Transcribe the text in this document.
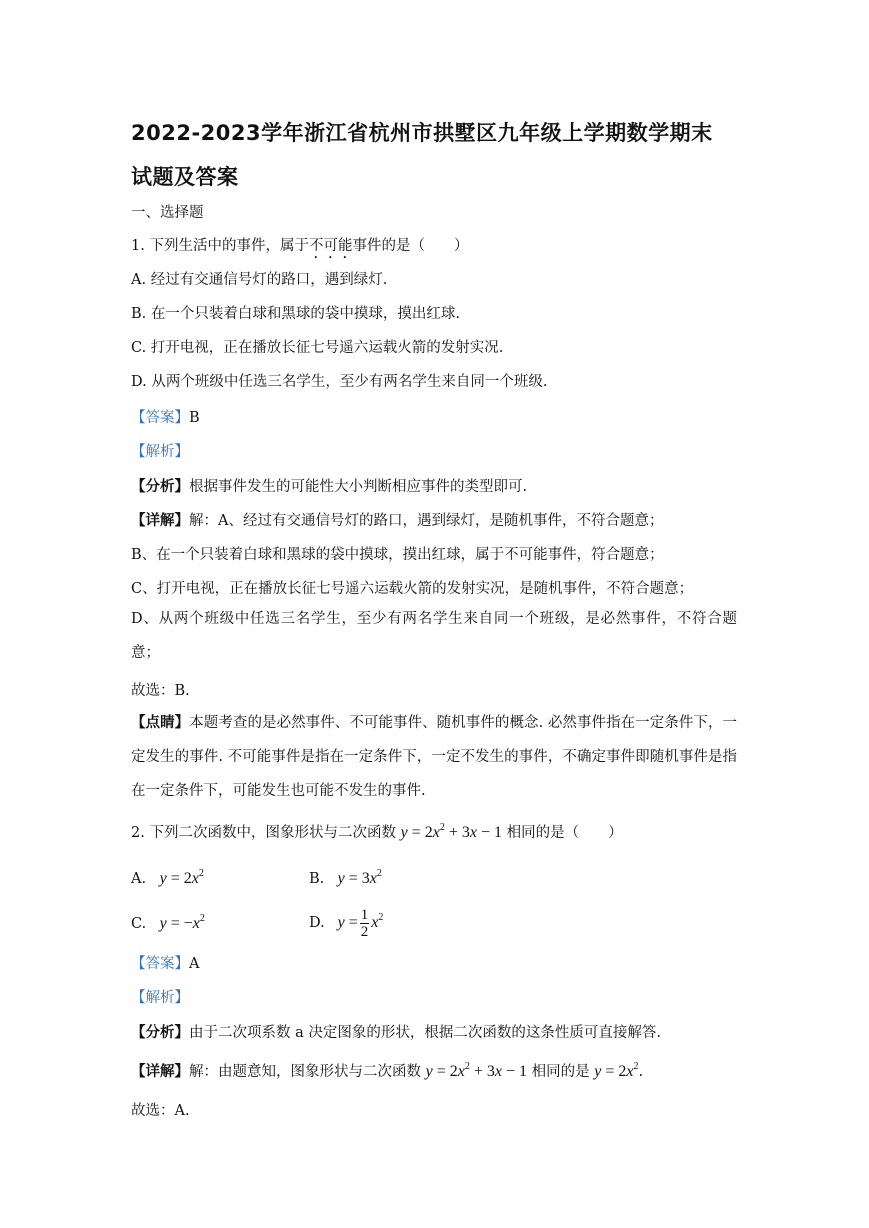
2022-2023学年浙江省杭州市拱墅区九年级上学期数学期末
试题及答案
一、选择题
1. 下列生活中的事件，属于不可能事件的是（　　）
A. 经过有交通信号灯的路口，遇到绿灯.
B. 在一个只装着白球和黑球的袋中摸球，摸出红球.
C. 打开电视，正在播放长征七号遥六运载火箭的发射实况.
D. 从两个班级中任选三名学生，至少有两名学生来自同一个班级.
【答案】B
【解析】
【分析】根据事件发生的可能性大小判断相应事件的类型即可.
【详解】解：A、经过有交通信号灯的路口，遇到绿灯，是随机事件，不符合题意；
B、在一个只装着白球和黑球的袋中摸球，摸出红球，属于不可能事件，符合题意；
C、打开电视，正在播放长征七号遥六运载火箭的发射实况，是随机事件，不符合题意；
D、从两个班级中任选三名学生，至少有两名学生来自同一个班级，是必然事件，不符合题意；
故选：B.
【点睛】本题考查的是必然事件、不可能事件、随机事件的概念. 必然事件指在一定条件下，一定发生的事件. 不可能事件是指在一定条件下，一定不发生的事件，不确定事件即随机事件是指在一定条件下，可能发生也可能不发生的事件.
2. 下列二次函数中，图象形状与二次函数 $y = 2x^2 + 3x - 1$ 相同的是（　　）
A. $y = 2x^2$	B. $y = 3x^2$
C. $y = -x^2$	D. $y = \frac{1}{2} x^2$
【答案】A
【解析】
【分析】由于二次项系数 a 决定图象的形状，根据二次函数的这条性质可直接解答.
【详解】解：由题意知，图象形状与二次函数 $y = 2x^2 + 3x - 1$ 相同的是 $y = 2x^2$.
故选：A.
